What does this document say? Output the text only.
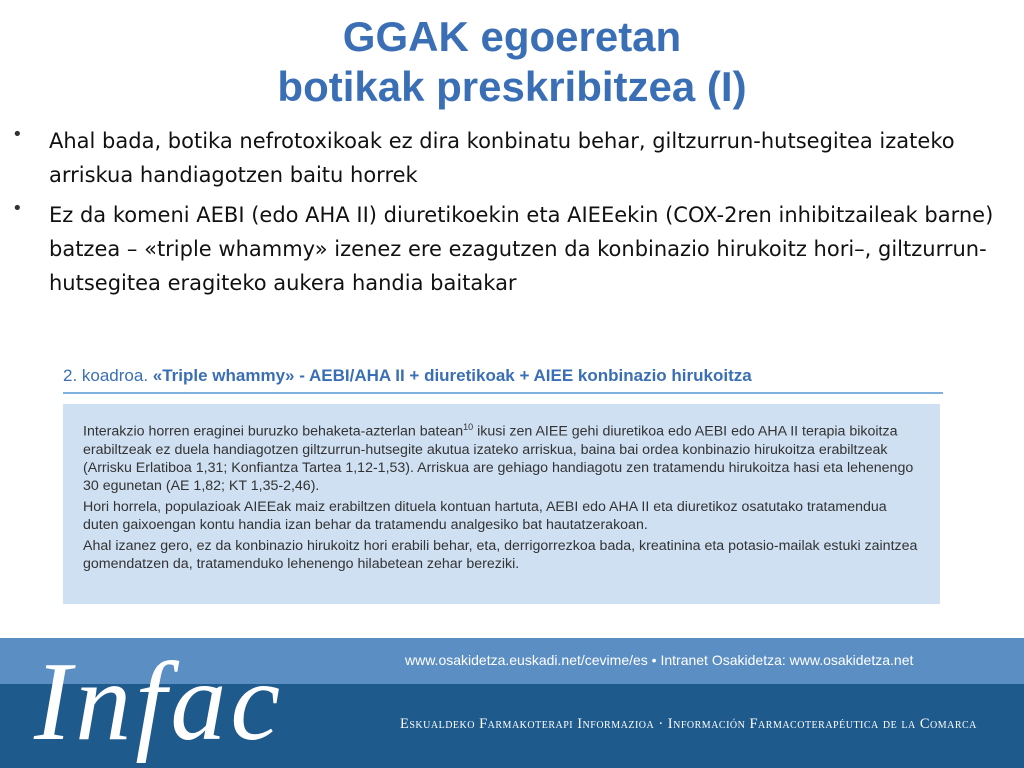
GGAK egoeretan
botikak preskribitzea (I)
• Ahal bada, botika nefrotoxikoak ez dira konbinatu behar, giltzurrun-hutsegitea izateko arriskua handiagotzen baitu horrek
• Ez da komeni AEBI (edo AHA II) diuretikoekin eta AIEEekin (COX-2ren inhibitzaileak barne) batzea – «triple whammy» izenez ere ezagutzen da konbinazio hirukoitz hori–, giltzurrun-hutsegitea eragiteko aukera handia baitakar
2. koadroa. «Triple whammy» - AEBI/AHA II + diuretikoak + AIEE konbinazio hirukoitza

Interakzio horren eraginei buruzko behaketa-azterlan batean$^{10}$ ikusi zen AIEE gehi diuretikoa edo AEBI edo AHA II terapia bikoitza erabiltzeak ez duela handiagotzen giltzurrun-hutsegite akutua izateko arriskua, baina bai ordea konbinazio hirukoitza erabiltzeak (Arrisku Erlatiboa 1,31; Konfiantza Tartea 1,12-1,53). Arriskua are gehiago handiagotu zen tratamendu hirukoitza hasi eta lehenengo 30 egunetan (AE 1,82; KT 1,35-2,46).

Hori horrela, populazioak AIEEak maiz erabiltzen dituela kontuan hartuta, AEBI edo AHA II eta diuretikoz osatutako tratamendua duten gaixoengan kontu handia izan behar da tratamendu analgesiko bat hautatzerakoan.

Ahal izanez gero, ez da konbinazio hirukoitz hori erabili behar, eta, derrigorrezkoa bada, kreatinina eta potasio-mailak estuki zaintzea gomendatzen da, tratamenduko lehenengo hilabetean zehar bereziki.

Infac	www.osakidetza.euskadi.net/cevime/es • Intranet Osakidetza: www.osakidetza.net
Eskualdeko Farmakoterapi Informazioa · Información Farmacoterapéutica de la Comarca
